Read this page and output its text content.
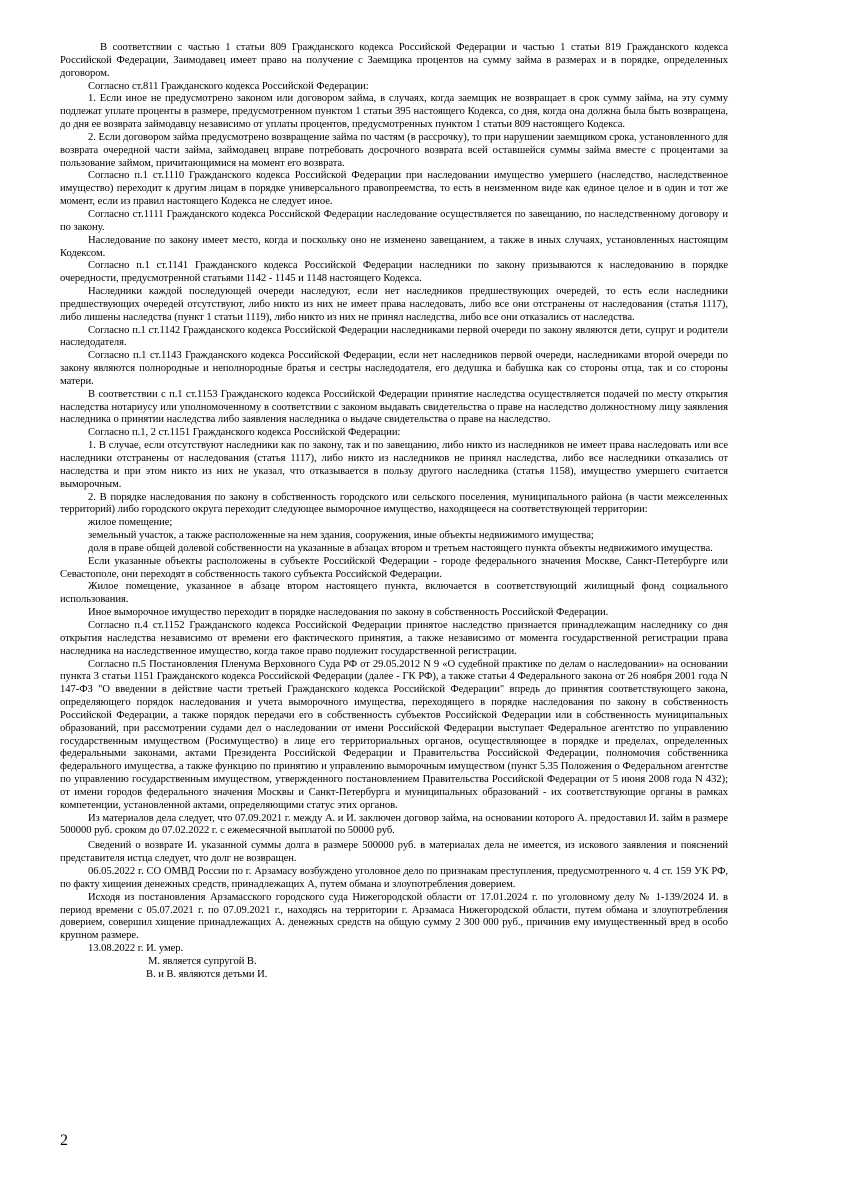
В соответствии с частью 1 статьи 809 Гражданского кодекса Российской Федерации и частью 1 статьи 819 Гражданского кодекса Российской Федерации, Заимодавец имеет право на получение с Заемщика процентов на сумму займа в размерах и в порядке, определенных договором.

Согласно ст.811 Гражданского кодекса Российской Федерации:

1. Если иное не предусмотрено законом или договором займа, в случаях, когда заемщик не возвращает в срок сумму займа, на эту сумму подлежат уплате проценты в размере, предусмотренном пунктом 1 статьи 395 настоящего Кодекса, со дня, когда она должна была быть возвращена, до дня ее возврата займодавцу независимо от уплаты процентов, предусмотренных пунктом 1 статьи 809 настоящего Кодекса.

2. Если договором займа предусмотрено возвращение займа по частям (в рассрочку), то при нарушении заемщиком срока, установленного для возврата очередной части займа, займодавец вправе потребовать досрочного возврата всей оставшейся суммы займа вместе с процентами за пользование займом, причитающимися на момент его возврата.

Согласно п.1 ст.1110 Гражданского кодекса Российской Федерации при наследовании имущество умершего (наследство, наследственное имущество) переходит к другим лицам в порядке универсального правопреемства, то есть в неизменном виде как единое целое и в один и тот же момент, если из правил настоящего Кодекса не следует иное.

Согласно ст.1111 Гражданского кодекса Российской Федерации наследование осуществляется по завещанию, по наследственному договору и по закону.

Наследование по закону имеет место, когда и поскольку оно не изменено завещанием, а также в иных случаях, установленных настоящим Кодексом.

Согласно п.1 ст.1141 Гражданского кодекса Российской Федерации наследники по закону призываются к наследованию в порядке очередности, предусмотренной статьями 1142 - 1145 и 1148 настоящего Кодекса.

Наследники каждой последующей очереди наследуют, если нет наследников предшествующих очередей, то есть если наследники предшествующих очередей отсутствуют, либо никто из них не имеет права наследовать, либо все они отстранены от наследования (статья 1117), либо лишены наследства (пункт 1 статьи 1119), либо никто из них не принял наследства, либо все они отказались от наследства.

Согласно п.1 ст.1142 Гражданского кодекса Российской Федерации наследниками первой очереди по закону являются дети, супруг и родители наследодателя.

Согласно п.1 ст.1143 Гражданского кодекса Российской Федерации, если нет наследников первой очереди, наследниками второй очереди по закону являются полнородные и неполнородные братья и сестры наследодателя, его дедушка и бабушка как со стороны отца, так и со стороны матери.

В соответствии с п.1 ст.1153 Гражданского кодекса Российской Федерации принятие наследства осуществляется подачей по месту открытия наследства нотариусу или уполномоченному в соответствии с законом выдавать свидетельства о праве на наследство должностному лицу заявления наследника о принятии наследства либо заявления наследника о выдаче свидетельства о праве на наследство.

Согласно п.1, 2 ст.1151 Гражданского кодекса Российской Федерации:

1. В случае, если отсутствуют наследники как по закону, так и по завещанию, либо никто из наследников не имеет права наследовать или все наследники отстранены от наследования (статья 1117), либо никто из наследников не принял наследства, либо все наследники отказались от наследства и при этом никто из них не указал, что отказывается в пользу другого наследника (статья 1158), имущество умершего считается выморочным.

2. В порядке наследования по закону в собственность городского или сельского поселения, муниципального района (в части межселенных территорий) либо городского округа переходит следующее выморочное имущество, находящееся на соответствующей территории:

жилое помещение;

земельный участок, а также расположенные на нем здания, сооружения, иные объекты недвижимого имущества;

доля в праве общей долевой собственности на указанные в абзацах втором и третьем настоящего пункта объекты недвижимого имущества.

Если указанные объекты расположены в субъекте Российской Федерации - городе федерального значения Москве, Санкт-Петербурге или Севастополе, они переходят в собственность такого субъекта Российской Федерации.

Жилое помещение, указанное в абзаце втором настоящего пункта, включается в соответствующий жилищный фонд социального использования.

Иное выморочное имущество переходит в порядке наследования по закону в собственность Российской Федерации.

Согласно п.4 ст.1152 Гражданского кодекса Российской Федерации принятое наследство признается принадлежащим наследнику со дня открытия наследства независимо от времени его фактического принятия, а также независимо от момента государственной регистрации права наследника на наследственное имущество, когда такое право подлежит государственной регистрации.

Согласно п.5 Постановления Пленума Верховного Суда РФ от 29.05.2012 N 9 «О судебной практике по делам о наследовании» на основании пункта 3 статьи 1151 Гражданского кодекса Российской Федерации (далее - ГК РФ), а также статьи 4 Федерального закона от 26 ноября 2001 года N 147-ФЗ "О введении в действие части третьей Гражданского кодекса Российской Федерации" впредь до принятия соответствующего закона, определяющего порядок наследования и учета выморочного имущества, переходящего в порядке наследования по закону в собственность Российской Федерации, а также порядок передачи его в собственность субъектов Российской Федерации или в собственность муниципальных образований, при рассмотрении судами дел о наследовании от имени Российской Федерации выступает Федеральное агентство по управлению государственным имуществом (Росимущество) в лице его территориальных органов, осуществляющее в порядке и пределах, определенных федеральными законами, актами Президента Российской Федерации и Правительства Российской Федерации, полномочия собственника федерального имущества, а также функцию по принятию и управлению выморочным имуществом (пункт 5.35 Положения о Федеральном агентстве по управлению государственным имуществом, утвержденного постановлением Правительства Российской Федерации от 5 июня 2008 года N 432); от имени городов федерального значения Москвы и Санкт-Петербурга и муниципальных образований - их соответствующие органы в рамках компетенции, установленной актами, определяющими статус этих органов.

Из материалов дела следует, что 07.09.2021 г. между А. и И. заключен договор займа, на основании которого А. предоставил И. займ в размере 500000 руб. сроком до 07.02.2022 г. с ежемесячной выплатой по 50000 руб.

Сведений о возврате И. указанной суммы долга в размере 500000 руб. в материалах дела не имеется, из искового заявления и пояснений представителя истца следует, что долг не возвращен.

06.05.2022 г. СО ОМВД России по г. Арзамасу возбуждено уголовное дело по признакам преступления, предусмотренного ч. 4 ст. 159 УК РФ, по факту хищения денежных средств, принадлежащих А, путем обмана и злоупотребления доверием.

Исходя из постановления Арзамасского городского суда Нижегородской области от 17.01.2024 г. по уголовному делу № 1-139/2024 И. в период времени с 05.07.2021 г. по 07.09.2021 г., находясь на территории г. Арзамаса Нижегородской области, путем обмана и злоупотребления доверием, совершил хищение принадлежащих А. денежных средств на общую сумму 2 300 000 руб., причинив ему имущественный вред в особо крупном размере.

13.08.2022 г. И. умер.

М. является супругой В.

В. и В. являются детьми И.

2
